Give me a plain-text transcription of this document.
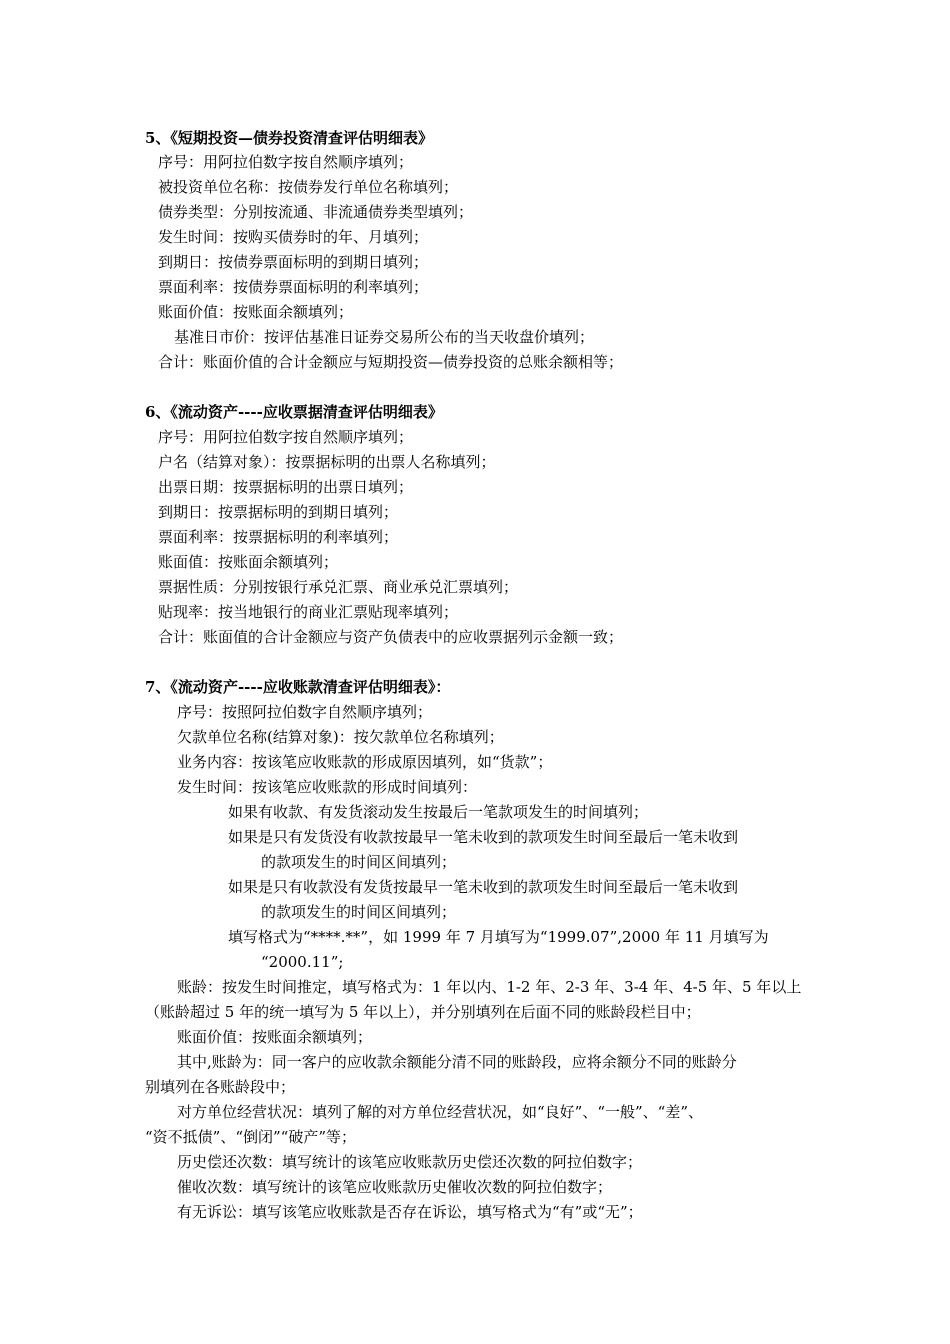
5、《短期投资—债券投资清查评估明细表》
序号：用阿拉伯数字按自然顺序填列；
被投资单位名称：按债券发行单位名称填列；
债券类型：分别按流通、非流通债券类型填列；
发生时间：按购买债券时的年、月填列；
到期日：按债券票面标明的到期日填列；
票面利率：按债券票面标明的利率填列；
账面价值：按账面余额填列；
基准日市价：按评估基准日证券交易所公布的当天收盘价填列；
合计：账面价值的合计金额应与短期投资—债券投资的总账余额相等；
6、《流动资产----应收票据清查评估明细表》
序号：用阿拉伯数字按自然顺序填列；
户名（结算对象）：按票据标明的出票人名称填列；
出票日期：按票据标明的出票日填列；
到期日：按票据标明的到期日填列；
票面利率：按票据标明的利率填列；
账面值：按账面余额填列；
票据性质：分别按银行承兑汇票、商业承兑汇票填列；
贴现率：按当地银行的商业汇票贴现率填列；
合计：账面值的合计金额应与资产负债表中的应收票据列示金额一致；
7、《流动资产----应收账款清查评估明细表》：
序号：按照阿拉伯数字自然顺序填列；
欠款单位名称(结算对象)：按欠款单位名称填列；
业务内容：按该笔应收账款的形成原因填列，如“货款”；
发生时间：按该笔应收账款的形成时间填列：
如果有收款、有发货滚动发生按最后一笔款项发生的时间填列；
如果是只有发货没有收款按最早一笔未收到的款项发生时间至最后一笔未收到
的款项发生的时间区间填列；
如果是只有收款没有发货按最早一笔未收到的款项发生时间至最后一笔未收到
的款项发生的时间区间填列；
填写格式为“****.**”，如 1999 年 7 月填写为“1999.07”,2000 年 11 月填写为
“2000.11”;
账龄：按发生时间推定，填写格式为：1 年以内、1-2 年、2-3 年、3-4 年、4-5 年、5 年以上
（账龄超过 5 年的统一填写为 5 年以上），并分别填列在后面不同的账龄段栏目中；
账面价值：按账面余额填列；
其中,账龄为：同一客户的应收款余额能分清不同的账龄段，应将余额分不同的账龄分
别填列在各账龄段中；
对方单位经营状况：填列了解的对方单位经营状况，如“良好”、“一般”、“差”、
“资不抵债”、“倒闭”“破产”等；
历史偿还次数：填写统计的该笔应收账款历史偿还次数的阿拉伯数字；
催收次数：填写统计的该笔应收账款历史催收次数的阿拉伯数字；
有无诉讼：填写该笔应收账款是否存在诉讼，填写格式为“有”或“无”；
